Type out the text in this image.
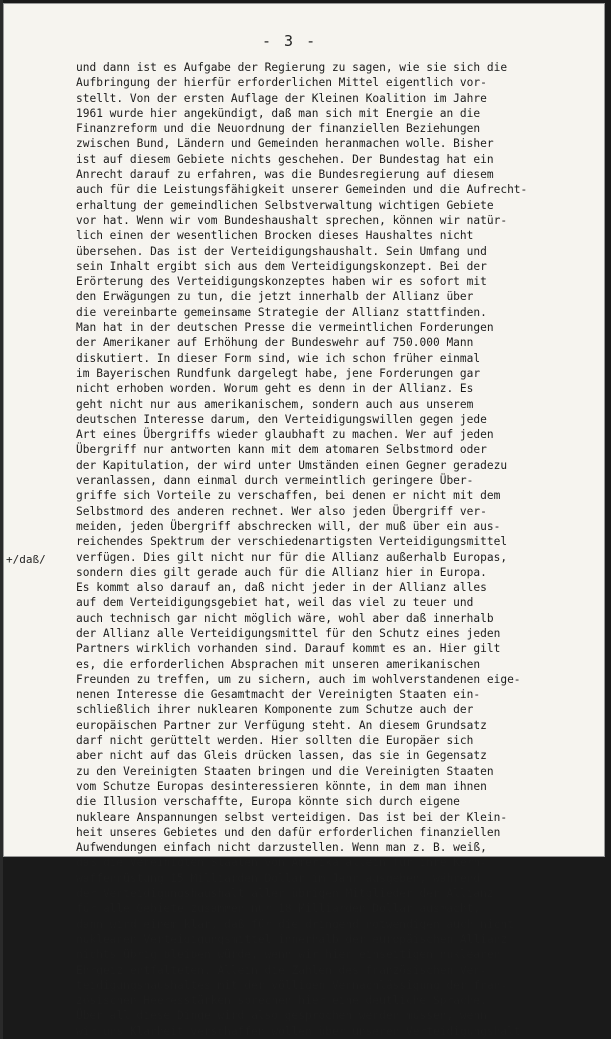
- 3 -
+/daß/
und dann ist es Aufgabe der Regierung zu sagen, wie sie sich die
Aufbringung der hierfür erforderlichen Mittel eigentlich vor-
stellt. Von der ersten Auflage der Kleinen Koalition im Jahre
1961 wurde hier angekündigt, daß man sich mit Energie an die
Finanzreform und die Neuordnung der finanziellen Beziehungen
zwischen Bund, Ländern und Gemeinden heranmachen wolle. Bisher
ist auf diesem Gebiete nichts geschehen. Der Bundestag hat ein
Anrecht darauf zu erfahren, was die Bundesregierung auf diesem
auch für die Leistungsfähigkeit unserer Gemeinden und die Aufrecht-
erhaltung der gemeindlichen Selbstverwaltung wichtigen Gebiete
vor hat. Wenn wir vom Bundeshaushalt sprechen, können wir natür-
lich einen der wesentlichen Brocken dieses Haushaltes nicht
übersehen. Das ist der Verteidigungshaushalt. Sein Umfang und
sein Inhalt ergibt sich aus dem Verteidigungskonzept. Bei der
Erörterung des Verteidigungskonzeptes haben wir es sofort mit
den Erwägungen zu tun, die jetzt innerhalb der Allianz über
die vereinbarte gemeinsame Strategie der Allianz stattfinden.
Man hat in der deutschen Presse die vermeintlichen Forderungen
der Amerikaner auf Erhöhung der Bundeswehr auf 750.000 Mann
diskutiert. In dieser Form sind, wie ich schon früher einmal
im Bayerischen Rundfunk dargelegt habe, jene Forderungen gar
nicht erhoben worden. Worum geht es denn in der Allianz. Es
geht nicht nur aus amerikanischem, sondern auch aus unserem
deutschen Interesse darum, den Verteidigungswillen gegen jede
Art eines Übergriffs wieder glaubhaft zu machen. Wer auf jeden
Übergriff nur antworten kann mit dem atomaren Selbstmord oder
der Kapitulation, der wird unter Umständen einen Gegner geradezu
veranlassen, dann einmal durch vermeintlich geringere Über-
griffe sich Vorteile zu verschaffen, bei denen er nicht mit dem
Selbstmord des anderen rechnet. Wer also jeden Übergriff ver-
meiden, jeden Übergriff abschrecken will, der muß über ein aus-
reichendes Spektrum der verschiedenartigsten Verteidigungsmittel
verfügen. Dies gilt nicht nur für die Allianz außerhalb Europas,
sondern dies gilt gerade auch für die Allianz hier in Europa.
Es kommt also darauf an, daß nicht jeder in der Allianz alles
auf dem Verteidigungsgebiet hat, weil das viel zu teuer und
auch technisch gar nicht möglich wäre, wohl aber daß innerhalb
der Allianz alle Verteidigungsmittel für den Schutz eines jeden
Partners wirklich vorhanden sind. Darauf kommt es an. Hier gilt
es, die erforderlichen Absprachen mit unseren amerikanischen
Freunden zu treffen, um zu sichern, auch im wohlverstandenen eige-
nenen Interesse die Gesamtmacht der Vereinigten Staaten ein-
schließlich ihrer nuklearen Komponente zum Schutze auch der
europäischen Partner zur Verfügung steht. An diesem Grundsatz
darf nicht gerüttelt werden. Hier sollten die Europäer sich
aber nicht auf das Gleis drücken lassen, das sie in Gegensatz
zu den Vereinigten Staaten bringen und die Vereinigten Staaten
vom Schutze Europas desinteressieren könnte, in dem man ihnen
die Illusion verschaffte, Europa könnte sich durch eigene
nukleare Anspannungen selbst verteidigen. Das ist bei der Klein-
heit unseres Gebietes und den dafür erforderlichen finanziellen
Aufwendungen einfach nicht darzustellen. Wenn man z. B. weiß,
daß die Vereinigten Staaten von Amerika allein für ihre Kern-
waffenrüstung 15 Milliarden Dollar im Jahr ausgeben, während
der Verteidigungshaushalt aller übrigen Mitglieder der Allianz
für alle Gebiete zusammen nur 18 Milliarden Dollar ausmacht,
dann wird einem klar, daß für die dringend notwendigen auch nicht
nuklearen Verteidigungsmittel innerhalb der europäischen Allianz
nichts übrig bleiben würde, wenn wir hier einseitigen nuklearen
Ehrgeiz entfalteten. Allein die Zahlen des französischen Ver-
teidigungshaushaltes mit der völligen Vernachlässigung der fran-
zösischen Heeresstärken sprechen hier eine deutliche Sprache.
Über all diese Dinge wird also gesprochen werden müssen, wenn
wir uns Klarheit verschaffen wollen über unseren Verteidigungshalt
